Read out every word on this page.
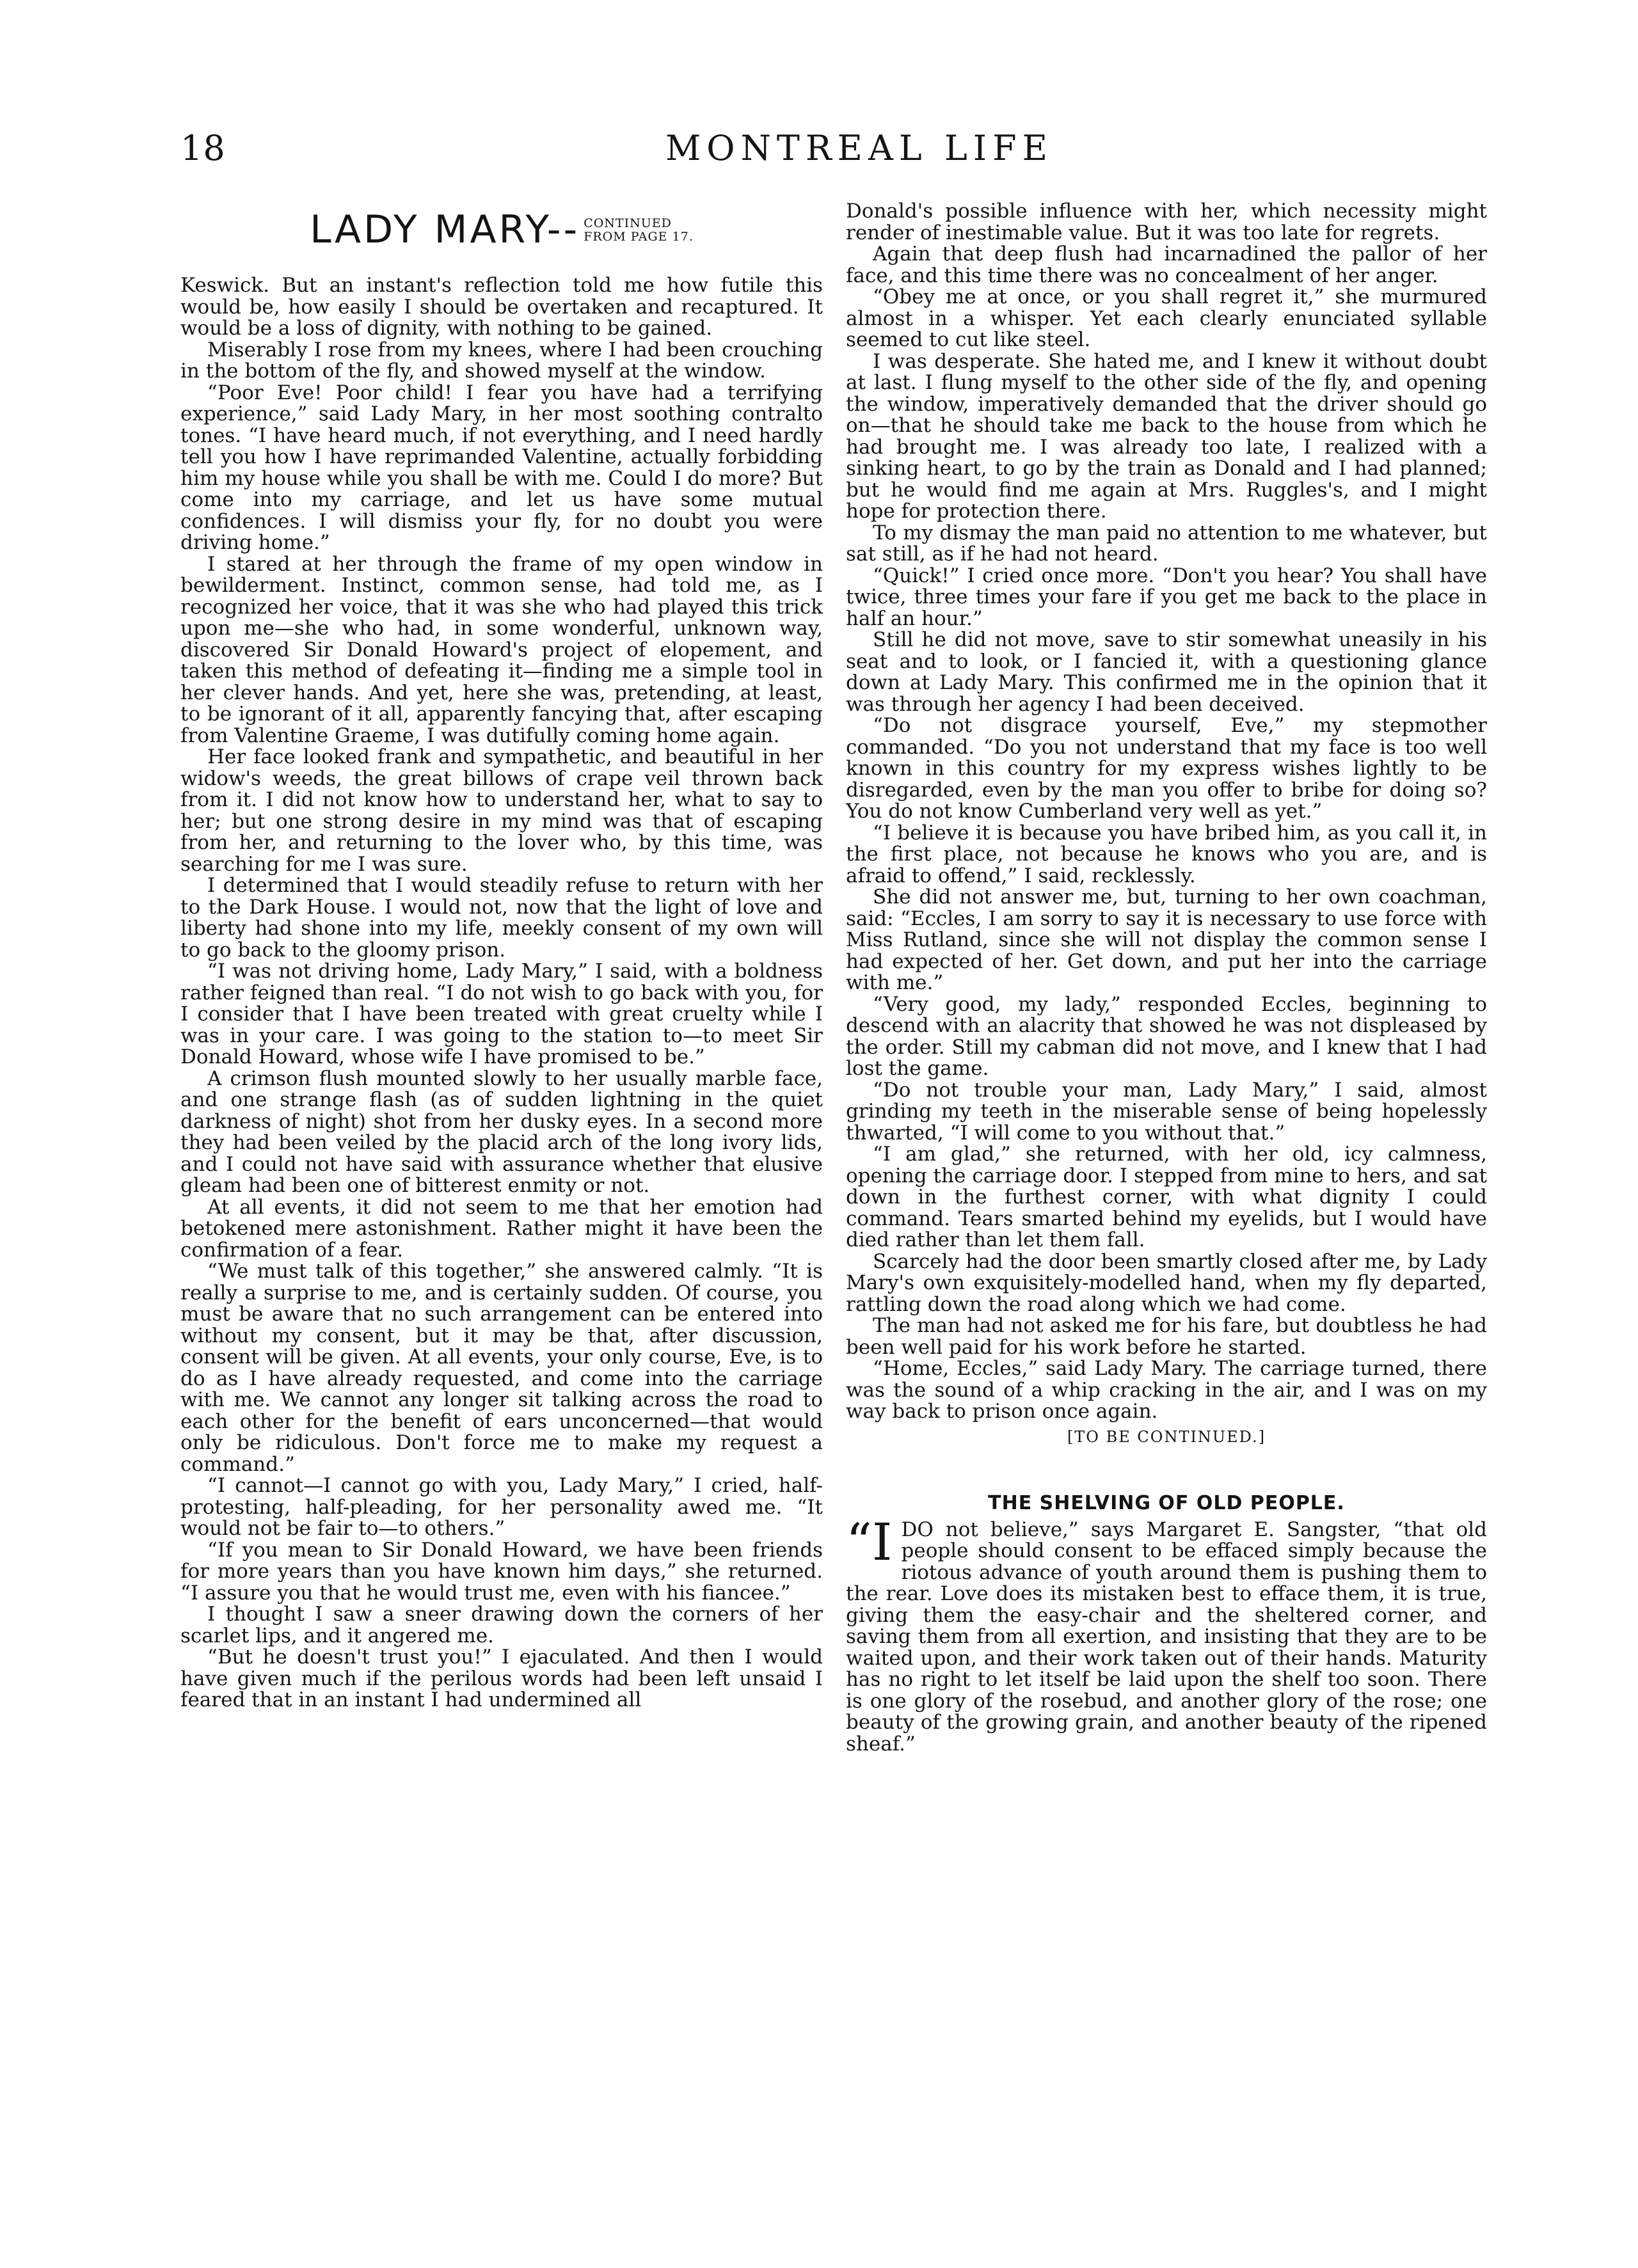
18	MONTREAL LIFE
LADY MARY-- CONTINUED
FROM PAGE 17.

Keswick. But an instant's reflection told me how futile this would be, how easily I should be overtaken and recaptured. It would be a loss of dignity, with nothing to be gained.

Miserably I rose from my knees, where I had been crouching in the bottom of the fly, and showed myself at the window.

“Poor Eve! Poor child! I fear you have had a terrifying experience,” said Lady Mary, in her most soothing contralto tones. “I have heard much, if not everything, and I need hardly tell you how I have reprimanded Valentine, actually forbidding him my house while you shall be with me. Could I do more? But come into my carriage, and let us have some mutual confidences. I will dismiss your fly, for no doubt you were driving home.”

I stared at her through the frame of my open window in bewilderment. Instinct, common sense, had told me, as I recognized her voice, that it was she who had played this trick upon me—she who had, in some wonderful, unknown way, discovered Sir Donald Howard's project of elopement, and taken this method of defeating it—finding me a simple tool in her clever hands. And yet, here she was, pretending, at least, to be ignorant of it all, apparently fancying that, after escaping from Valentine Graeme, I was dutifully coming home again.

Her face looked frank and sympathetic, and beautiful in her widow's weeds, the great billows of crape veil thrown back from it. I did not know how to understand her, what to say to her; but one strong desire in my mind was that of escaping from her, and returning to the lover who, by this time, was searching for me I was sure.

I determined that I would steadily refuse to return with her to the Dark House. I would not, now that the light of love and liberty had shone into my life, meekly consent of my own will to go back to the gloomy prison.

“I was not driving home, Lady Mary,” I said, with a boldness rather feigned than real. “I do not wish to go back with you, for I consider that I have been treated with great cruelty while I was in your care. I was going to the station to—to meet Sir Donald Howard, whose wife I have promised to be.”

A crimson flush mounted slowly to her usually marble face, and one strange flash (as of sudden lightning in the quiet darkness of night) shot from her dusky eyes. In a second more they had been veiled by the placid arch of the long ivory lids, and I could not have said with assurance whether that elusive gleam had been one of bitterest enmity or not.

At all events, it did not seem to me that her emotion had betokened mere astonishment. Rather might it have been the confirmation of a fear.

“We must talk of this together,” she answered calmly. “It is really a surprise to me, and is certainly sudden. Of course, you must be aware that no such arrangement can be entered into without my consent, but it may be that, after discussion, consent will be given. At all events, your only course, Eve, is to do as I have already requested, and come into the carriage with me. We cannot any longer sit talking across the road to each other for the benefit of ears unconcerned—that would only be ridiculous. Don't force me to make my request a command.”

“I cannot—I cannot go with you, Lady Mary,” I cried, half-protesting, half-pleading, for her personality awed me. “It would not be fair to—to others.”

“If you mean to Sir Donald Howard, we have been friends for more years than you have known him days,” she returned. “I assure you that he would trust me, even with his fiancee.”

I thought I saw a sneer drawing down the corners of her scarlet lips, and it angered me.

“But he doesn't trust you!” I ejaculated. And then I would have given much if the perilous words had been left unsaid I feared that in an instant I had undermined all

Donald's possible influence with her, which necessity might render of inestimable value. But it was too late for regrets.

Again that deep flush had incarnadined the pallor of her face, and this time there was no concealment of her anger.

“Obey me at once, or you shall regret it,” she murmured almost in a whisper. Yet each clearly enunciated syllable seemed to cut like steel.

I was desperate. She hated me, and I knew it without doubt at last. I flung myself to the other side of the fly, and opening the window, imperatively demanded that the driver should go on—that he should take me back to the house from which he had brought me. I was already too late, I realized with a sinking heart, to go by the train as Donald and I had planned; but he would find me again at Mrs. Ruggles's, and I might hope for protection there.

To my dismay the man paid no attention to me whatever, but sat still, as if he had not heard.

“Quick!” I cried once more. “Don't you hear? You shall have twice, three times your fare if you get me back to the place in half an hour.”

Still he did not move, save to stir somewhat uneasily in his seat and to look, or I fancied it, with a questioning glance down at Lady Mary. This confirmed me in the opinion that it was through her agency I had been deceived.

“Do not disgrace yourself, Eve,” my stepmother commanded. “Do you not understand that my face is too well known in this country for my express wishes lightly to be disregarded, even by the man you offer to bribe for doing so? You do not know Cumberland very well as yet.”

“I believe it is because you have bribed him, as you call it, in the first place, not because he knows who you are, and is afraid to offend,” I said, recklessly.

She did not answer me, but, turning to her own coachman, said: “Eccles, I am sorry to say it is necessary to use force with Miss Rutland, since she will not display the common sense I had expected of her. Get down, and put her into the carriage with me.”

“Very good, my lady,” responded Eccles, beginning to descend with an alacrity that showed he was not displeased by the order. Still my cabman did not move, and I knew that I had lost the game.

“Do not trouble your man, Lady Mary,” I said, almost grinding my teeth in the miserable sense of being hopelessly thwarted, “I will come to you without that.”

“I am glad,” she returned, with her old, icy calmness, opening the carriage door. I stepped from mine to hers, and sat down in the furthest corner, with what dignity I could command. Tears smarted behind my eyelids, but I would have died rather than let them fall.

Scarcely had the door been smartly closed after me, by Lady Mary's own exquisitely-modelled hand, when my fly departed, rattling down the road along which we had come.

The man had not asked me for his fare, but doubtless he had been well paid for his work before he started.

“Home, Eccles,” said Lady Mary. The carriage turned, there was the sound of a whip cracking in the air, and I was on my way back to prison once again.

[TO BE CONTINUED.]
THE SHELVING OF OLD PEOPLE.

“I DO not believe,” says Margaret E. Sangster, “that old people should consent to be effaced simply because the riotous advance of youth around them is pushing them to the rear. Love does its mistaken best to efface them, it is true, giving them the easy-chair and the sheltered corner, and saving them from all exertion, and insisting that they are to be waited upon, and their work taken out of their hands. Maturity has no right to let itself be laid upon the shelf too soon. There is one glory of the rosebud, and another glory of the rose; one beauty of the growing grain, and another beauty of the ripened sheaf.”
